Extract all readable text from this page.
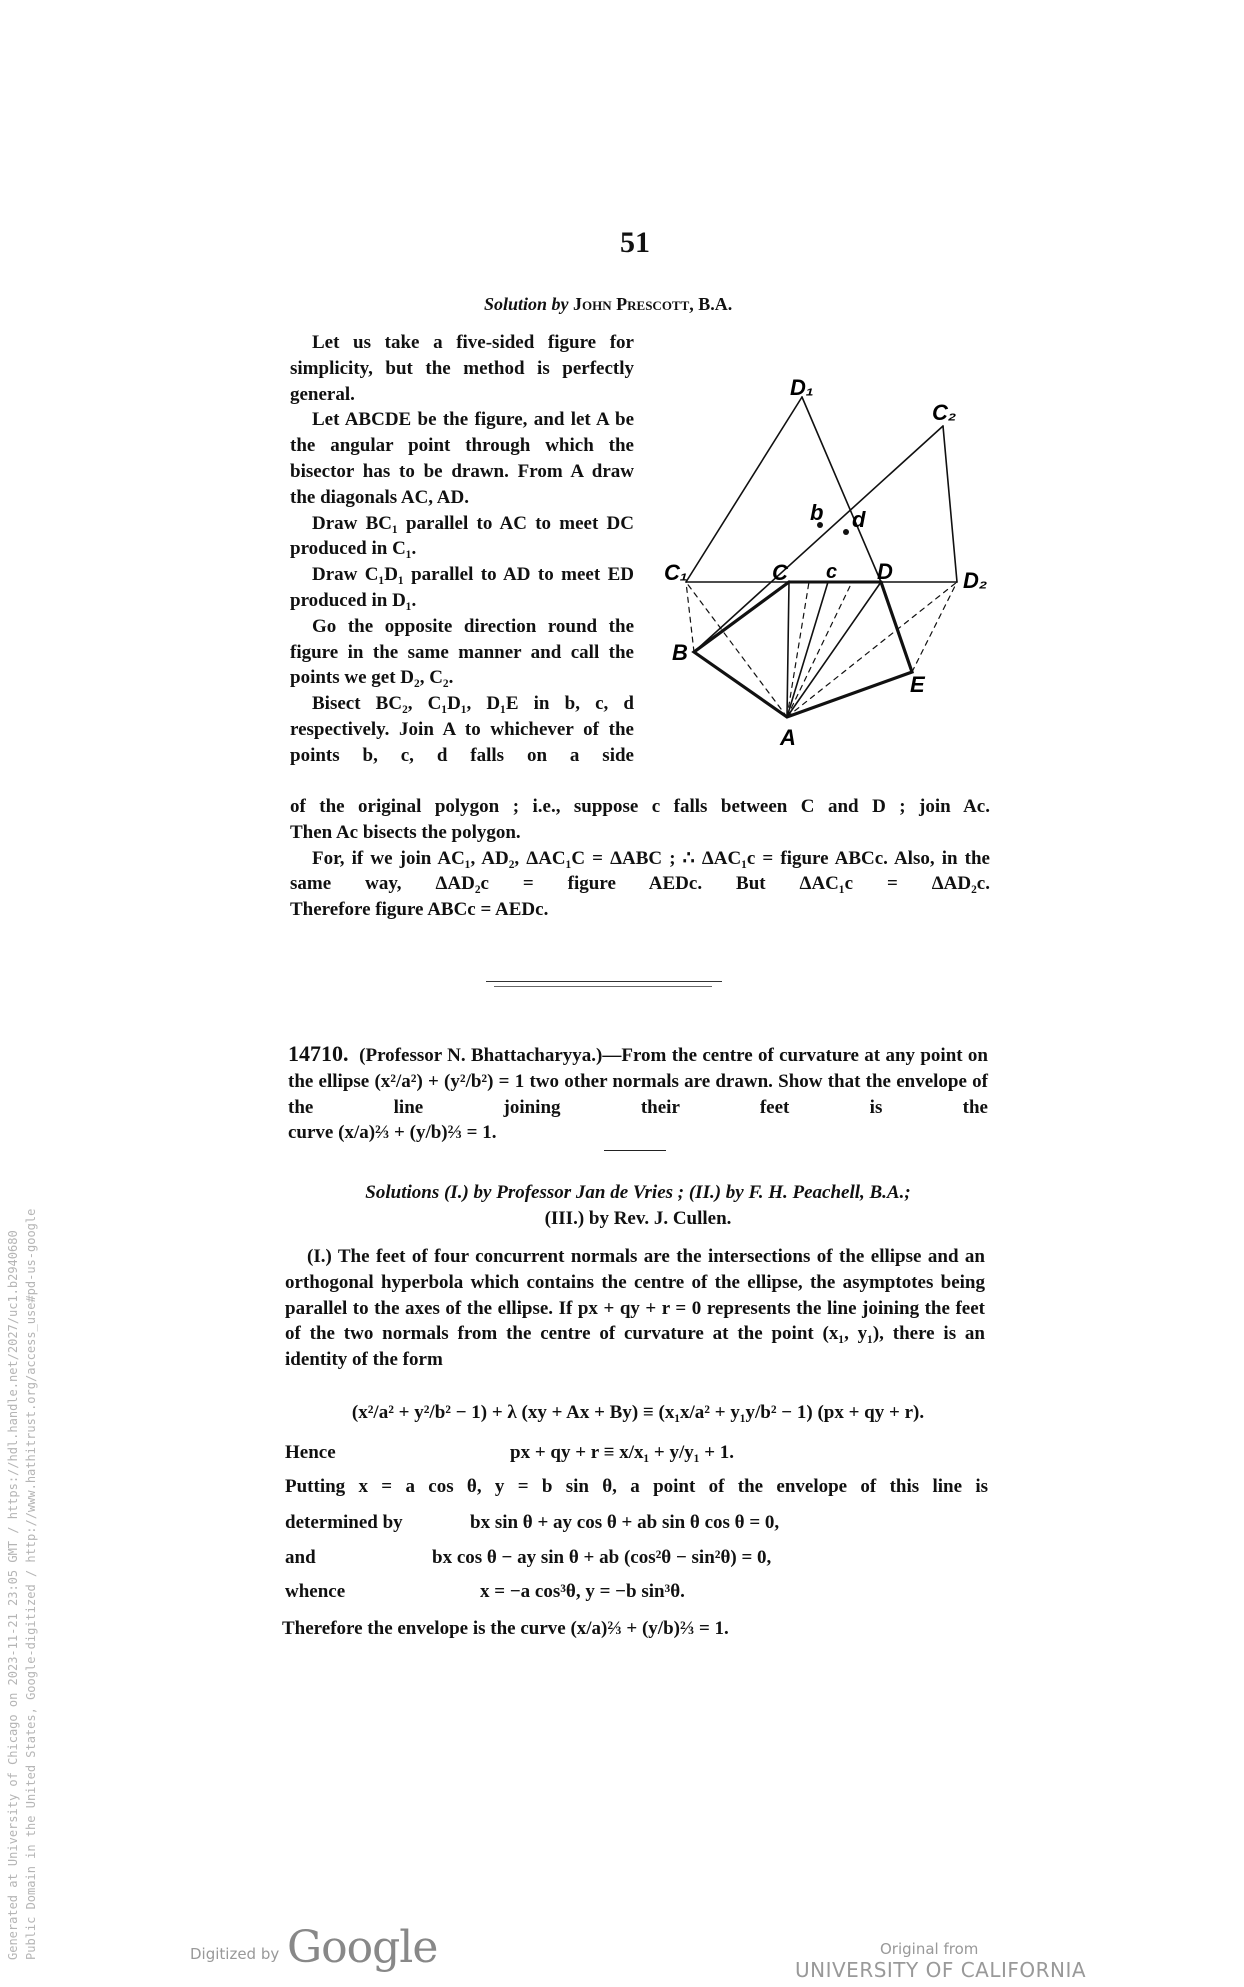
51
Solution by John Prescott, B.A.

Let us take a five-sided figure for simplicity, but the method is perfectly general.

Let ABCDE be the figure, and let A be the angular point through which the bisector has to be drawn. From A draw the diagonals AC, AD.

Draw BC₁ parallel to AC to meet DC produced in C₁.

Draw C₁D₁ parallel to AD to meet ED produced in D₁.

Go the opposite direction round the figure in the same manner and call the points we get D₂, C₂.

Bisect BC₂, C₁D₁, D₁E in b, c, d respectively. Join A to whichever of the points b, c, d falls on a side

of the original polygon ; i.e., suppose c falls between C and D ; join Ac.

Then Ac bisects the polygon.

For, if we join AC₁, AD₂, ΔAC₁C = ΔABC ; ∴ ΔAC₁c = figure ABCc. Also, in the same way, ΔAD₂c = figure AEDc. But ΔAC₁c = ΔAD₂c.

Therefore figure ABCc = AEDc.

D₁
C₂
b d
C₁	C c D	D₂
B
E
A

14710. (Professor N. Bhattacharyya.)—From the centre of curvature at any point on the ellipse (x²/a²) + (y²/b²) = 1 two other normals are drawn. Show that the envelope of the line joining their feet is the

curve (x/a)⅔ + (y/b)⅔ = 1.

Solutions (I.) by Professor Jan de Vries ; (II.) by F. H. Peachell, B.A.;

(III.) by Rev. J. Cullen.

(I.) The feet of four concurrent normals are the intersections of the ellipse and an orthogonal hyperbola which contains the centre of the ellipse, the asymptotes being parallel to the axes of the ellipse. If px + qy + r = 0 represents the line joining the feet of the two normals from the centre of curvature at the point (x₁, y₁), there is an identity of the form

(x²/a² + y²/b² − 1) + λ (xy + Ax + By) ≡ (x₁x/a² + y₁y/b² − 1) (px + qy + r).
Hence	px + qy + r ≡ x/x₁ + y/y₁ + 1.
Putting x = a cos θ, y = b sin θ, a point of the envelope of this line is
determined by	bx sin θ + ay cos θ + ab sin θ cos θ = 0,
and	bx cos θ − ay sin θ + ab (cos²θ − sin²θ) = 0,
whence	x = −a cos³θ, y = −b sin³θ.
Therefore the envelope is the curve (x/a)⅔ + (y/b)⅔ = 1.
Generated at University of Chicago on 2023-11-21 23:05 GMT / https://hdl.handle.net/2027/uc1.b2940680 Public Domain in the United States, Google-digitized / http://www.hathitrust.org/access_use#pd-us-google	Digitized by Google	Original from
UNIVERSITY OF CALIFORNIA
